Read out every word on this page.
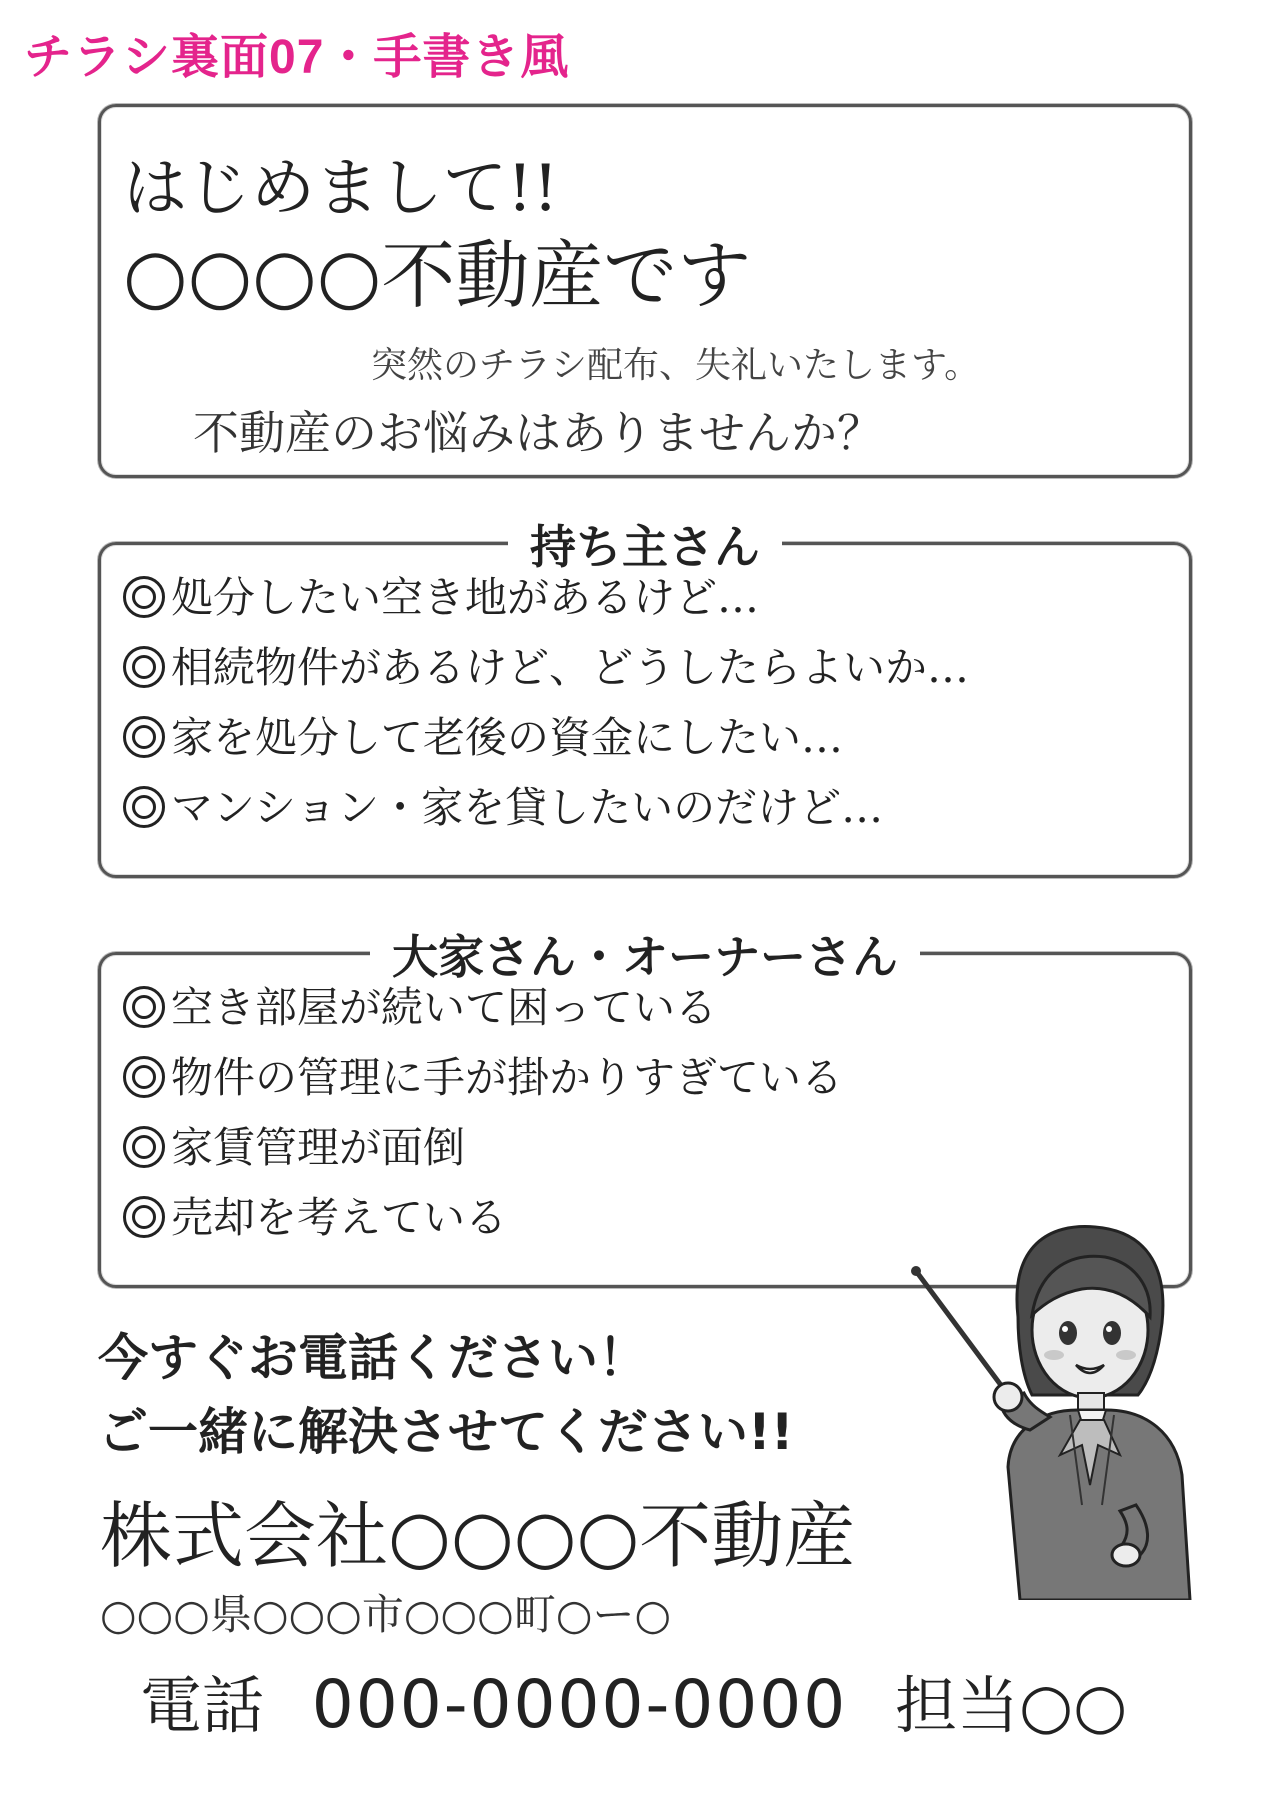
チラシ裏面07・手書き風
はじめまして!!
○○○○不動産です
突然のチラシ配布、失礼いたします。
不動産のお悩みはありませんか？
持ち主さん
処分したい空き地があるけど…
相続物件があるけど、どうしたらよいか…
家を処分して老後の資金にしたい…
マンション・家を貸したいのだけど…
大家さん・オーナーさん
空き部屋が続いて困っている
物件の管理に手が掛かりすぎている
家賃管理が面倒
売却を考えている
今すぐお電話ください！
ご一緒に解決させてください!!
株式会社○○○○不動産
○○○県○○○市○○○町○ー○
電話 000-0000-0000 担当○○
